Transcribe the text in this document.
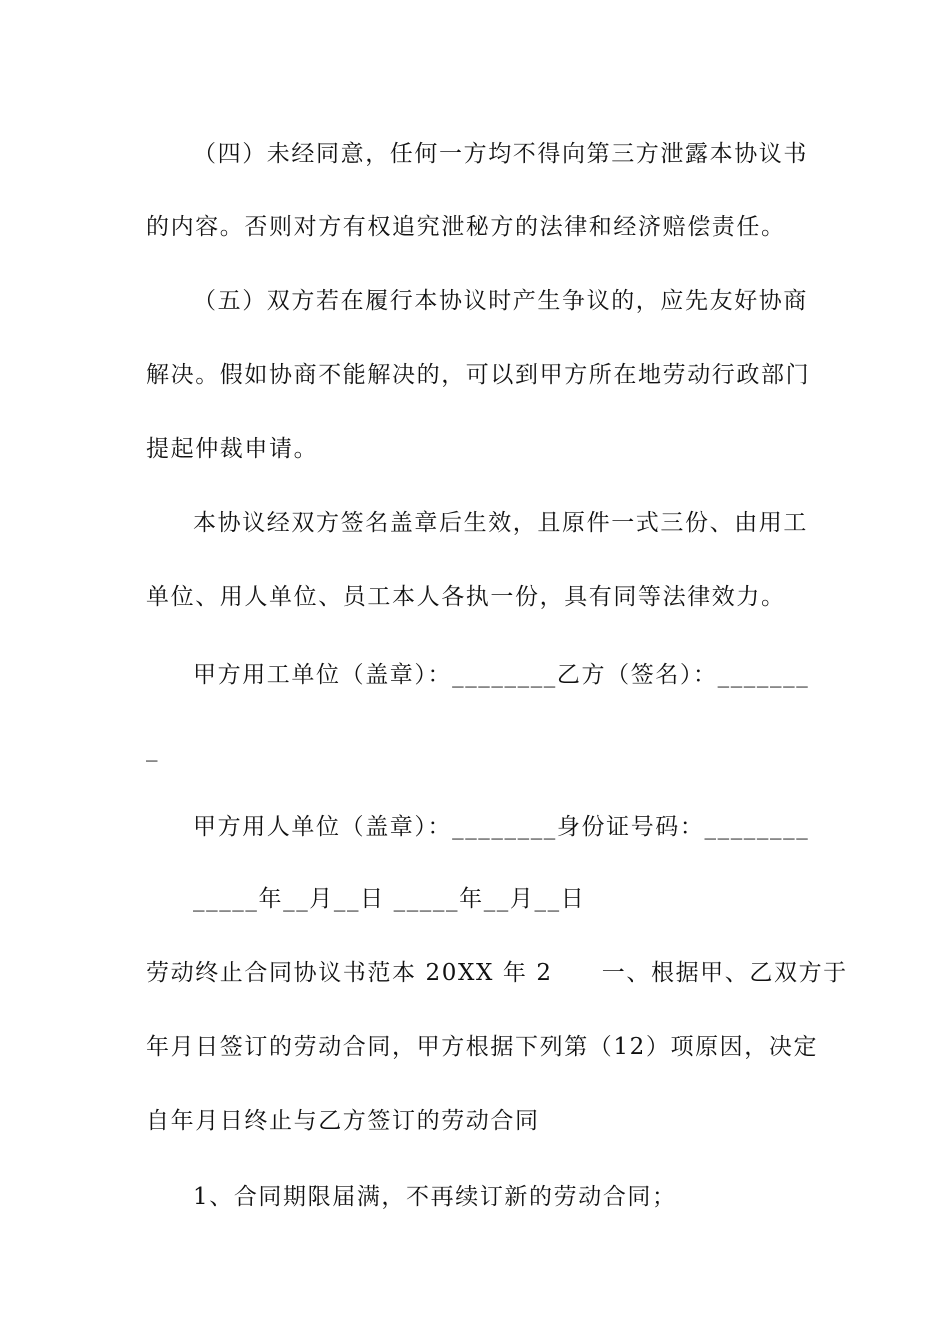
（四）未经同意，任何一方均不得向第三方泄露本协议书
的内容。否则对方有权追究泄秘方的法律和经济赔偿责任。
（五）双方若在履行本协议时产生争议的，应先友好协商
解决。假如协商不能解决的，可以到甲方所在地劳动行政部门
提起仲裁申请。
本协议经双方签名盖章后生效，且原件一式三份、由用工
单位、用人单位、员工本人各执一份，具有同等法律效力。
甲方用工单位（盖章）：________乙方（签名）：_______
_
甲方用人单位（盖章）：________身份证号码：________
_____年__月__日 _____年__月__日
劳动终止合同协议书范本 20XX 年 2　　一、根据甲、乙双方于
年月日签订的劳动合同，甲方根据下列第（12）项原因，决定
自年月日终止与乙方签订的劳动合同
1、合同期限届满，不再续订新的劳动合同；
